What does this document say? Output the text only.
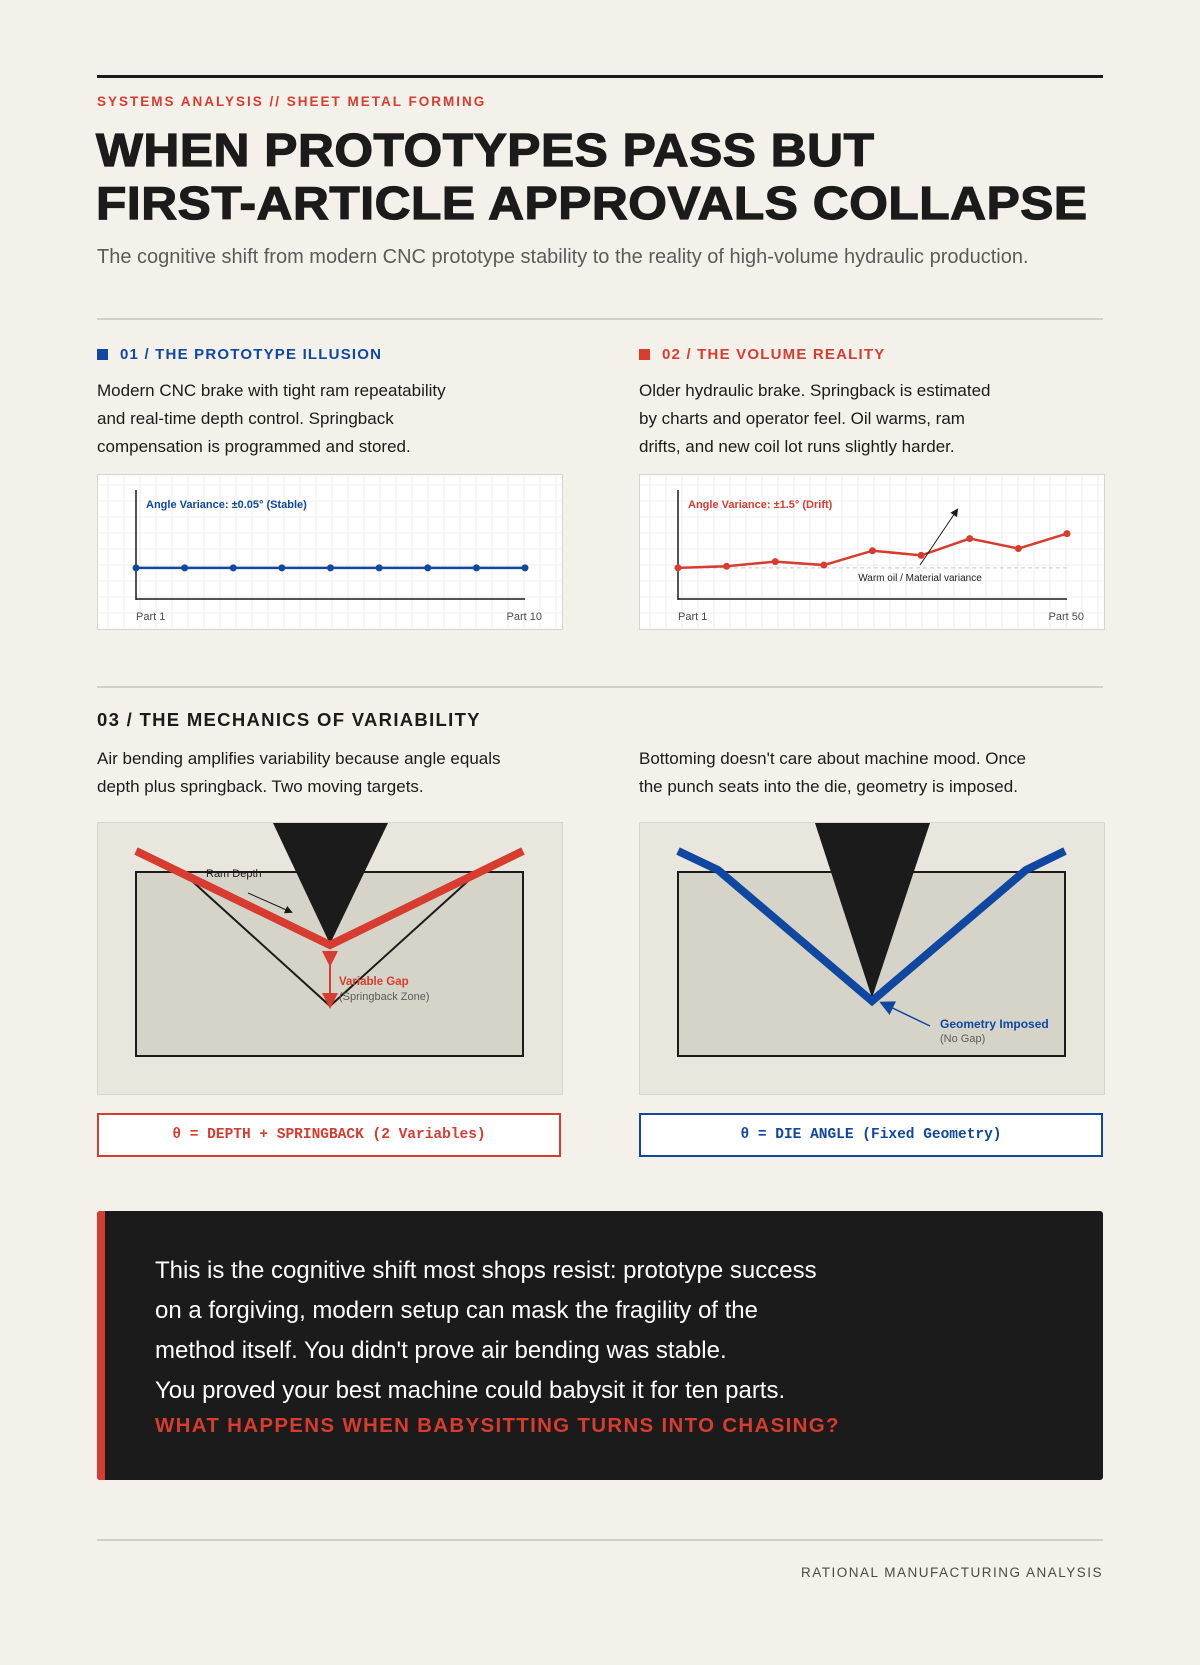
SYSTEMS ANALYSIS // SHEET METAL FORMING
WHEN PROTOTYPES PASS BUT
FIRST-ARTICLE APPROVALS COLLAPSE
The cognitive shift from modern CNC prototype stability to the reality of high-volume hydraulic production.
01 / THE PROTOTYPE ILLUSION
Modern CNC brake with tight ram repeatability
and real-time depth control. Springback
compensation is programmed and stored.
Angle Variance: ±0.05° (Stable)
Part 1	Part 10
02 / THE VOLUME REALITY
Older hydraulic brake. Springback is estimated
by charts and operator feel. Oil warms, ram
drifts, and new coil lot runs slightly harder.
Angle Variance: ±1.5° (Drift)
Warm oil / Material variance
Part 1	Part 50
03 / THE MECHANICS OF VARIABILITY
Air bending amplifies variability because angle equals
depth plus springback. Two moving targets.
Bottoming doesn't care about machine mood. Once
the punch seats into the die, geometry is imposed.
Ram Depth
Variable Gap
(Springback Zone)
Geometry Imposed
(No Gap)
θ = DEPTH + SPRINGBACK (2 Variables)	θ = DIE ANGLE (Fixed Geometry)
This is the cognitive shift most shops resist: prototype success
on a forgiving, modern setup can mask the fragility of the
method itself. You didn't prove air bending was stable.
You proved your best machine could babysit it for ten parts.
WHAT HAPPENS WHEN BABYSITTING TURNS INTO CHASING?
RATIONAL MANUFACTURING ANALYSIS
